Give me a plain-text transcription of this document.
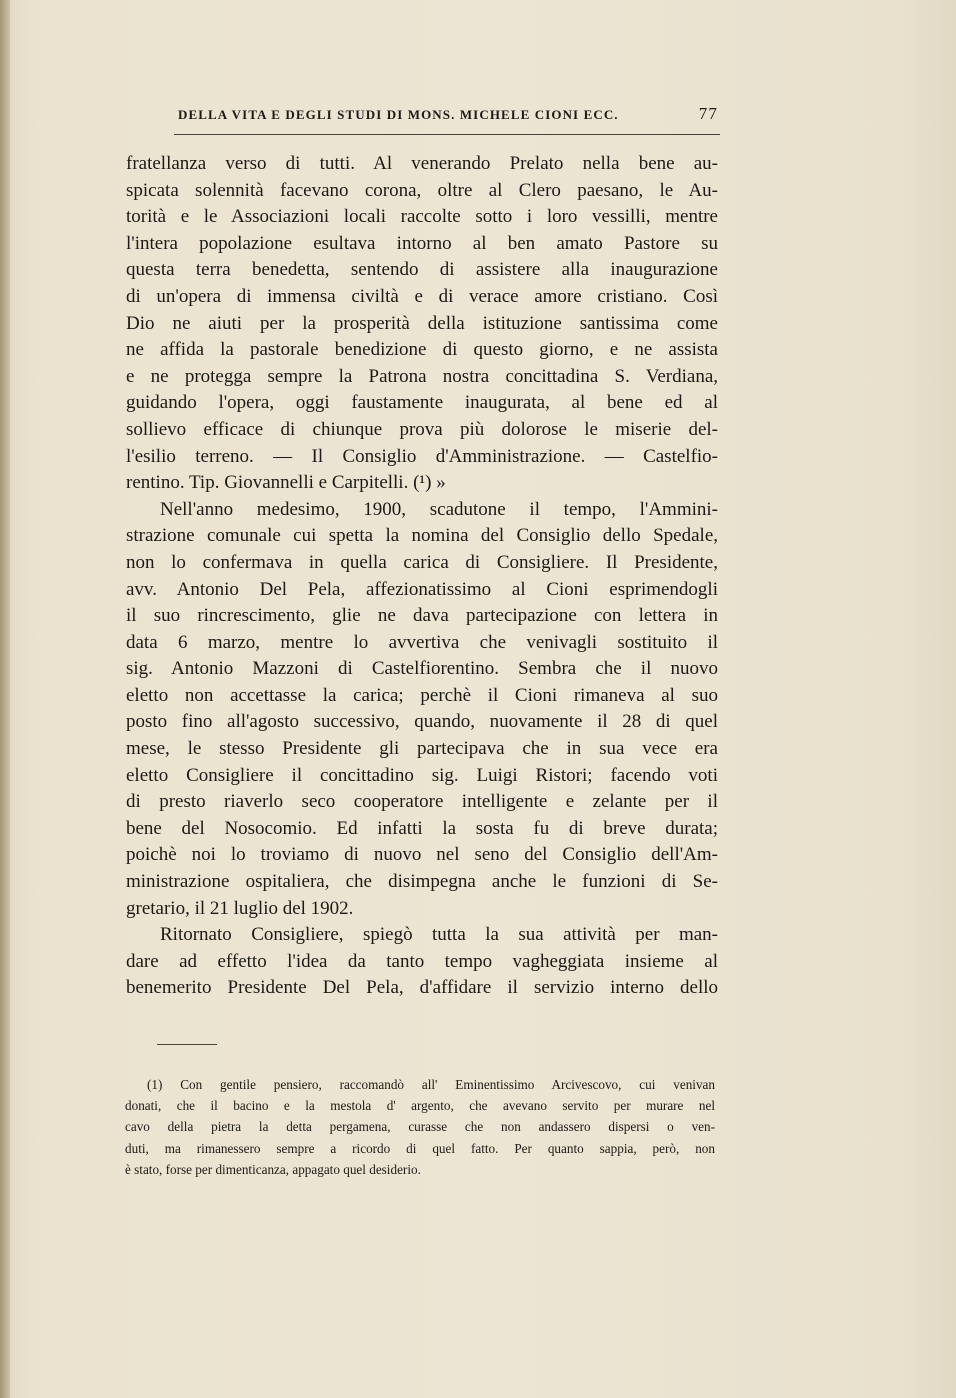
DELLA VITA E DEGLI STUDI DI MONS. MICHELE CIONI ECC.	77
fratellanza verso di tutti. Al venerando Prelato nella bene au-
spicata solennità facevano corona, oltre al Clero paesano, le Au-
torità e le Associazioni locali raccolte sotto i loro vessilli, mentre
l'intera popolazione esultava intorno al ben amato Pastore su
questa terra benedetta, sentendo di assistere alla inaugurazione
di un'opera di immensa civiltà e di verace amore cristiano. Così
Dio ne aiuti per la prosperità della istituzione santissima come
ne affida la pastorale benedizione di questo giorno, e ne assista
e ne protegga sempre la Patrona nostra concittadina S. Verdiana,
guidando l'opera, oggi faustamente inaugurata, al bene ed al
sollievo efficace di chiunque prova più dolorose le miserie del-
l'esilio terreno. — Il Consiglio d'Amministrazione. — Castelfio-
rentino. Tip. Giovannelli e Carpitelli. (¹) »
Nell'anno medesimo, 1900, scadutone il tempo, l'Ammini-
strazione comunale cui spetta la nomina del Consiglio dello Spedale,
non lo confermava in quella carica di Consigliere. Il Presidente,
avv. Antonio Del Pela, affezionatissimo al Cioni esprimendogli
il suo rincrescimento, glie ne dava partecipazione con lettera in
data 6 marzo, mentre lo avvertiva che venivagli sostituito il
sig. Antonio Mazzoni di Castelfiorentino. Sembra che il nuovo
eletto non accettasse la carica; perchè il Cioni rimaneva al suo
posto fino all'agosto successivo, quando, nuovamente il 28 di quel
mese, le stesso Presidente gli partecipava che in sua vece era
eletto Consigliere il concittadino sig. Luigi Ristori; facendo voti
di presto riaverlo seco cooperatore intelligente e zelante per il
bene del Nosocomio. Ed infatti la sosta fu di breve durata;
poichè noi lo troviamo di nuovo nel seno del Consiglio dell'Am-
ministrazione ospitaliera, che disimpegna anche le funzioni di Se-
gretario, il 21 luglio del 1902.
Ritornato Consigliere, spiegò tutta la sua attività per man-
dare ad effetto l'idea da tanto tempo vagheggiata insieme al
benemerito Presidente Del Pela, d'affidare il servizio interno dello
(1) Con gentile pensiero, raccomandò all' Eminentissimo Arcivescovo, cui venivan
donati, che il bacino e la mestola d' argento, che avevano servito per murare nel
cavo della pietra la detta pergamena, curasse che non andassero dispersi o ven-
duti, ma rimanessero sempre a ricordo di quel fatto. Per quanto sappia, però, non
è stato, forse per dimenticanza, appagato quel desiderio.
